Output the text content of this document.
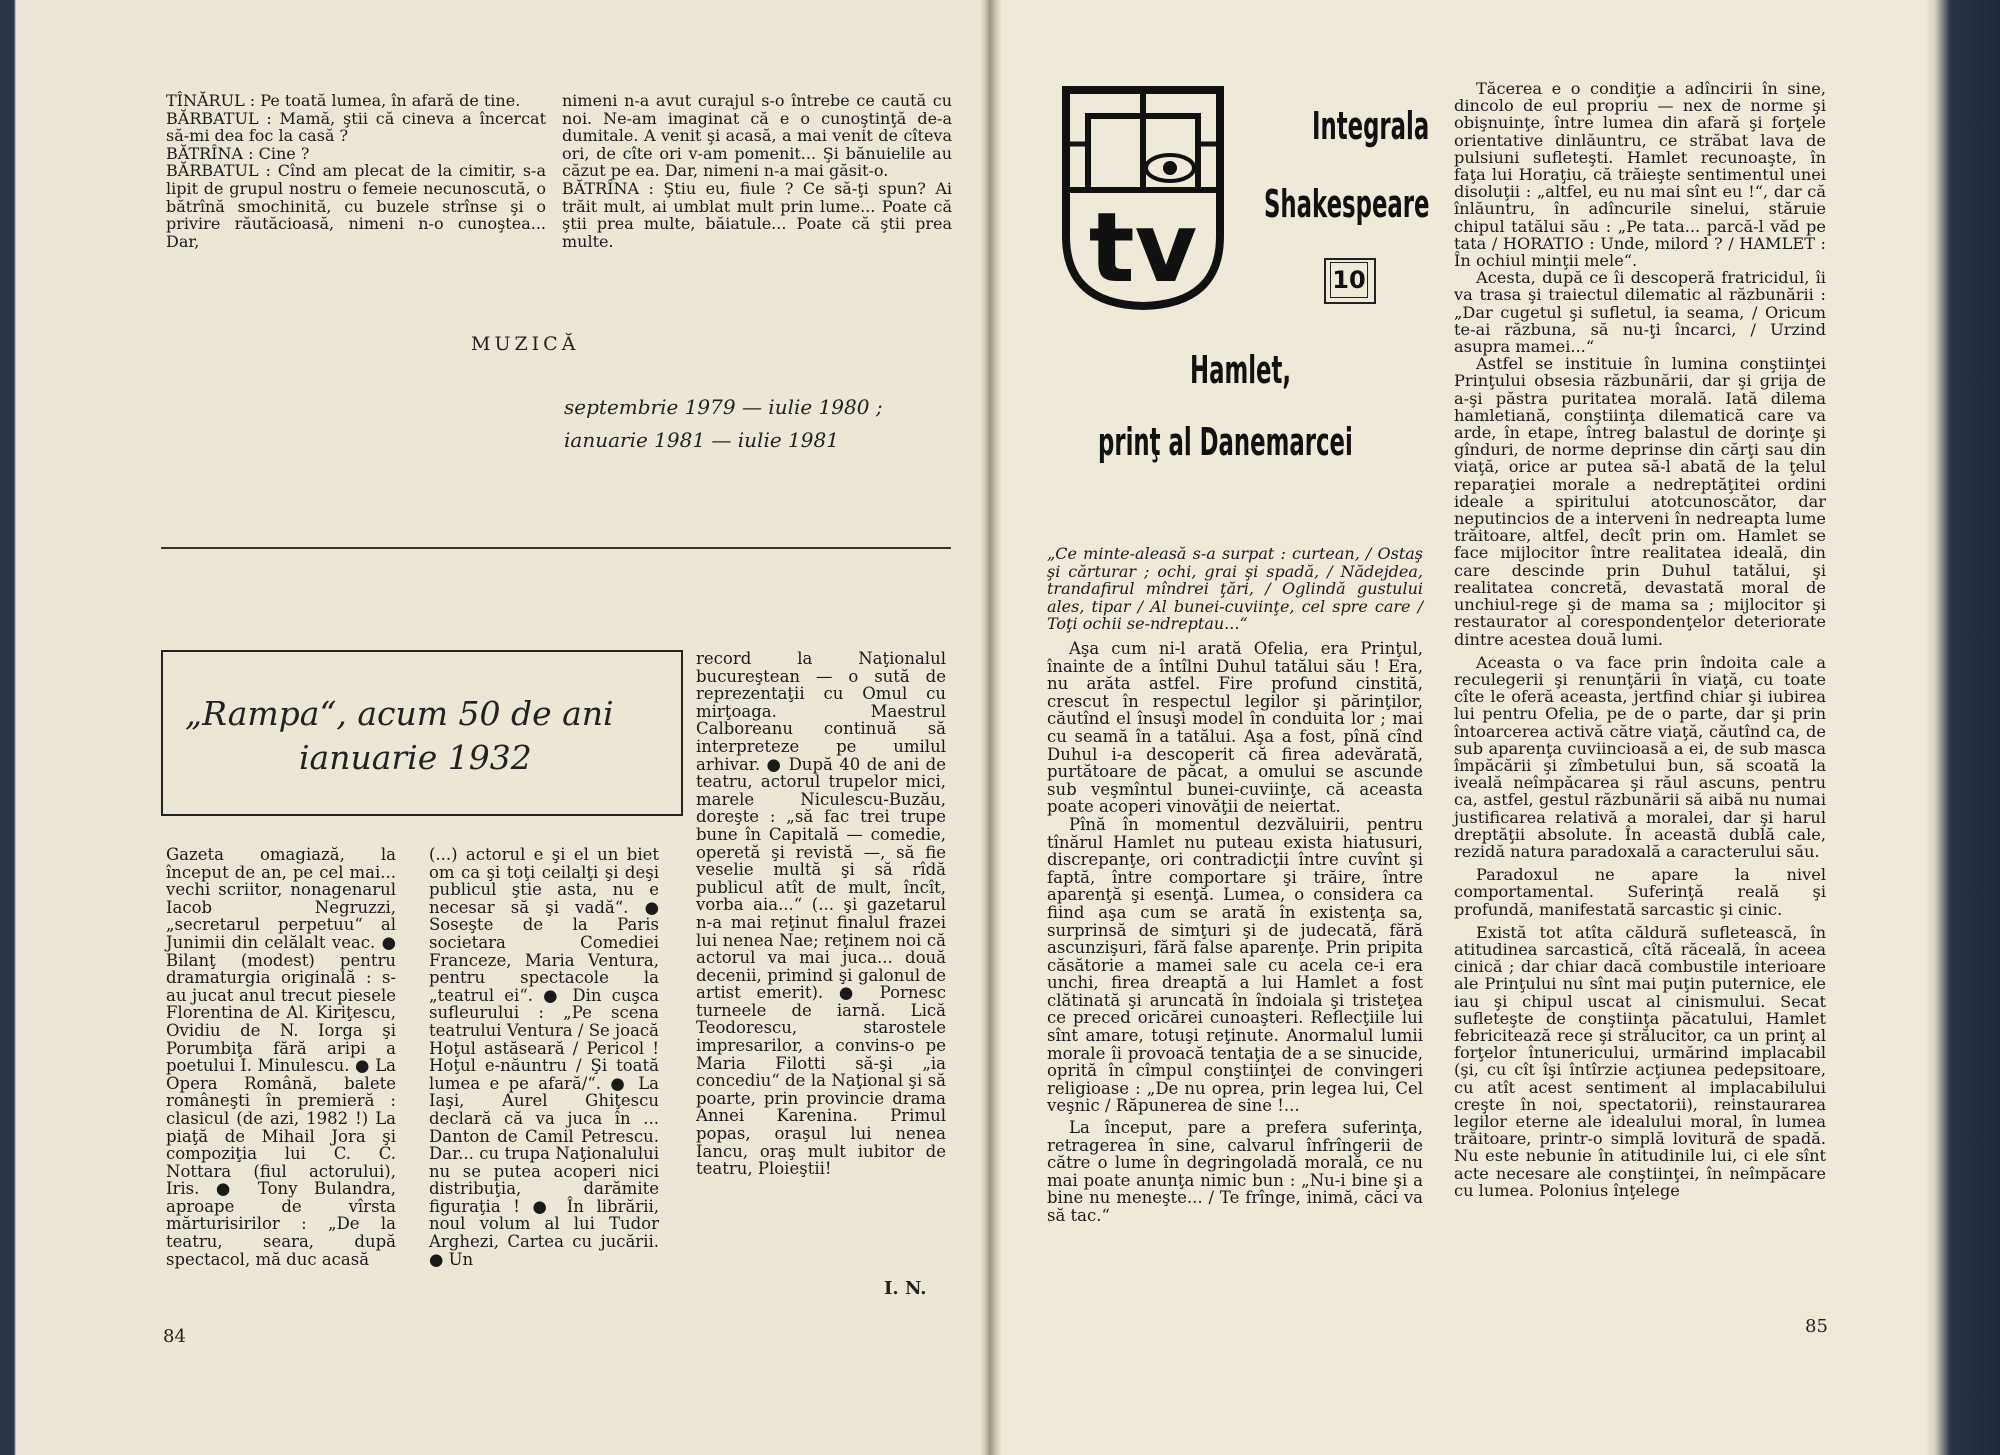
TÎNĂRUL : Pe toată lumea, în afară de tine.

BĂRBATUL : Mamă, ştii că cineva a încercat să-mi dea foc la casă ?

BĂTRÎNA : Cine ?

BĂRBATUL : Cînd am plecat de la cimitir, s-a lipit de grupul nostru o femeie necunoscută, o bătrînă smochinită, cu buzele strînse şi o privire răutăcioasă, nimeni n-o cunoştea... Dar,

nimeni n-a avut curajul s-o întrebe ce caută cu noi. Ne-am imaginat că e o cunoştinţă de-a dumitale. A venit şi acasă, a mai venit de cîteva ori, de cîte ori v-am pomenit... Şi bănuielile au căzut pe ea. Dar, nimeni n-a mai găsit-o.

BĂTRÎNA : Ştiu eu, fiule ? Ce să-ţi spun? Ai trăit mult, ai umblat mult prin lume... Poate că ştii prea multe, băiatule... Poate că ştii prea multe.

MUZICĂ
septembrie 1979 — iulie 1980 ;
ianuarie 1981 — iulie 1981
„Rampa“, acum 50 de ani
ianuarie 1932
Gazeta omagiază, la început de an, pe cel mai... vechi scriitor, nonagenarul Iacob Negruzzi, „secretarul perpetuu“ al Junimii din celălalt veac. ● Bilanţ (modest) pentru dramaturgia originală : s-au jucat anul trecut piesele Florentina de Al. Kiriţescu, Ovidiu de N. Iorga şi Porumbiţa fără aripi a poetului I. Minulescu. ● La Opera Română, balete româneşti în premieră : clasicul (de azi, 1982 !) La piaţă de Mihail Jora şi compoziţia lui C. C. Nottara (fiul actorului), Iris. ● Tony Bulandra, aproape de vîrsta mărturisirilor : „De la teatru, seara, după spectacol, mă duc acasă
(...) actorul e şi el un biet om ca şi toţi ceilalţi şi deşi publicul ştie asta, nu e necesar să şi vadă“. ● Soseşte de la Paris societara Comediei Franceze, Maria Ventura, pentru spectacole la „teatrul ei“. ● Din cuşca sufleurului : „Pe scena teatrului Ventura / Se joacă Hoţul astăseară / Pericol ! Hoţul e-năuntru / Şi toată lumea e pe afară/“. ● La Iaşi, Aurel Ghiţescu declară că va juca în ... Danton de Camil Petrescu. Dar... cu trupa Naţionalului nu se putea acoperi nici distribuţia, darămite figuraţia ! ● În librării, noul volum al lui Tudor Arghezi, Cartea cu jucării. ● Un
record la Naţionalul bucureştean — o sută de reprezentaţii cu Omul cu mirţoaga. Maestrul Calboreanu continuă să interpreteze pe umilul arhivar. ● După 40 de ani de teatru, actorul trupelor mici, marele Niculescu-Buzău, doreşte : „să fac trei trupe bune în Capitală — comedie, operetă şi revistă —, să fie veselie multă şi să rîdă publicul atît de mult, încît, vorba aia...“ (... şi gazetarul n-a mai reţinut finalul frazei lui nenea Nae; reţinem noi că actorul va mai juca... două decenii, primind şi galonul de artist emerit). ● Pornesc turneele de iarnă. Lică Teodorescu, starostele impresarilor, a convins-o pe Maria Filotti să-şi „ia concediu“ de la Naţional şi să poarte, prin provincie drama Annei Karenina. Primul popas, oraşul lui nenea Iancu, oraş mult iubitor de teatru, Ploieştii!
I. N.
84
tv
Integrala
Shakespeare
10
Hamlet,
prinţ al Danemarcei
„Ce minte-aleasă s-a surpat : curtean, / Ostaş şi cărturar ; ochi, grai şi spadă, / Nădejdea, trandafirul mîndrei ţări, / Oglindă gustului ales, tipar / Al bunei-cuviinţe, cel spre care / Toţi ochii se-ndreptau...“

Aşa cum ni-l arată Ofelia, era Prinţul, înainte de a întîlni Duhul tatălui său ! Era, nu arăta astfel. Fire profund cinstită, crescut în respectul legilor şi părinţilor, căutînd el însuşi model în conduita lor ; mai cu seamă în a tatălui. Aşa a fost, pînă cînd Duhul i-a descoperit că firea adevărată, purtătoare de păcat, a omului se ascunde sub veşmîntul bunei-cuviinţe, că aceasta poate acoperi vinovăţii de neiertat.

Pînă în momentul dezvăluirii, pentru tînărul Hamlet nu puteau exista hiatusuri, discrepanţe, ori contradicţii între cuvînt şi faptă, între comportare şi trăire, între aparenţă şi esenţă. Lumea, o considera ca fiind aşa cum se arată în existenţa sa, surprinsă de simţuri şi de judecată, fără ascunzişuri, fără false aparenţe. Prin pripita căsătorie a mamei sale cu acela ce-i era unchi, firea dreaptă a lui Hamlet a fost clătinată şi aruncată în îndoiala şi tristeţea ce preced oricărei cunoaşteri. Reflecţiile lui sînt amare, totuşi reţinute. Anormalul lumii morale îi provoacă tentaţia de a se sinucide, oprită în cîmpul conştiinţei de convingeri religioase : „De nu oprea, prin legea lui, Cel veşnic / Răpunerea de sine !...

La început, pare a prefera suferinţa, retragerea în sine, calvarul înfrîngerii de către o lume în degringoladă morală, ce nu mai poate anunţa nimic bun : „Nu-i bine şi a bine nu meneşte... / Te frînge, inimă, căci va să tac.“

Tăcerea e o condiţie a adîncirii în sine, dincolo de eul propriu — nex de norme şi obişnuinţe, între lumea din afară şi forţele orientative dinlăuntru, ce străbat lava de pulsiuni sufleteşti. Hamlet recunoaşte, în faţa lui Horaţiu, că trăieşte sentimentul unei disoluţii : „altfel, eu nu mai sînt eu !“, dar că înlăuntru, în adîncurile sinelui, stăruie chipul tatălui său : „Pe tata... parcă-l văd pe tata / HORATIO : Unde, milord ? / HAMLET : În ochiul minţii mele“.

Acesta, după ce îi descoperă fratricidul, îi va trasa şi traiectul dilematic al răzbunării : „Dar cugetul şi sufletul, ia seama, / Oricum te-ai răzbuna, să nu-ţi încarci, / Urzind asupra mamei...“

Astfel se instituie în lumina conştiinţei Prinţului obsesia răzbunării, dar şi grija de a-şi păstra puritatea morală. Iată dilema hamletiană, conştiinţa dilematică care va arde, în etape, întreg balastul de dorinţe şi gînduri, de norme deprinse din cărţi sau din viaţă, orice ar putea să-l abată de la ţelul reparaţiei morale a nedreptăţitei ordini ideale a spiritului atotcunoscător, dar neputincios de a interveni în nedreapta lume trăitoare, altfel, decît prin om. Hamlet se face mijlocitor între realitatea ideală, din care descinde prin Duhul tatălui, şi realitatea concretă, devastată moral de unchiul-rege şi de mama sa ; mijlocitor şi restaurator al corespondenţelor deteriorate dintre acestea două lumi.

Aceasta o va face prin îndoita cale a reculegerii şi renunţării în viaţă, cu toate cîte le oferă aceasta, jertfind chiar şi iubirea lui pentru Ofelia, pe de o parte, dar şi prin întoarcerea activă către viaţă, căutînd ca, de sub aparenţa cuviincioasă a ei, de sub masca împăcării şi zîmbetului bun, să scoată la iveală neîmpăcarea şi răul ascuns, pentru ca, astfel, gestul răzbunării să aibă nu numai justificarea relativă a moralei, dar şi harul dreptăţii absolute. În această dublă cale, rezidă natura paradoxală a caracterului său.

Paradoxul ne apare la nivel comportamental. Suferinţă reală şi profundă, manifestată sarcastic şi cinic.

Există tot atîta căldură sufletească, în atitudinea sarcastică, cîtă răceală, în aceea cinică ; dar chiar dacă combustile interioare ale Prinţului nu sînt mai puţin puternice, ele iau şi chipul uscat al cinismului. Secat sufleteşte de conştiinţa păcatului, Hamlet febricitează rece şi strălucitor, ca un prinţ al forţelor întunericului, urmărind implacabil (şi, cu cît îşi întîrzie acţiunea pedepsitoare, cu atît acest sentiment al implacabilului creşte în noi, spectatorii), reinstaurarea legilor eterne ale idealului moral, în lumea trăitoare, printr-o simplă lovitură de spadă. Nu este nebunie în atitudinile lui, ci ele sînt acte necesare ale conştiinţei, în neîmpăcare cu lumea. Polonius înţelege

85
